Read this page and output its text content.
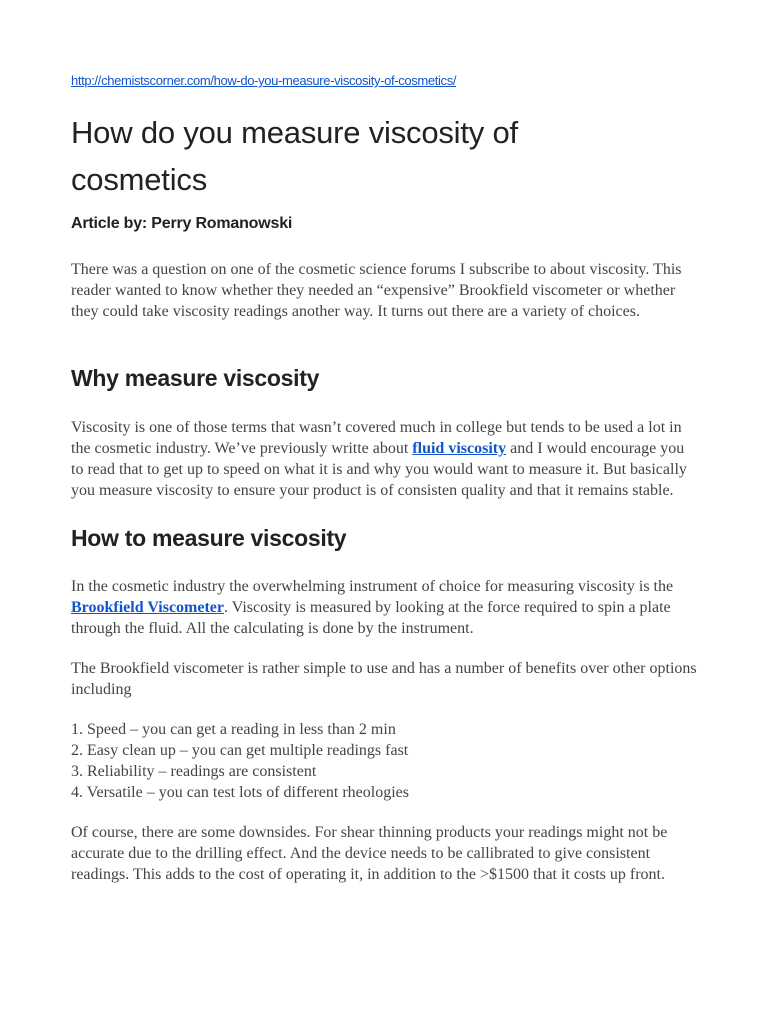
http://chemistscorner.com/how-do-you-measure-viscosity-of-cosmetics/
How do you measure viscosity of cosmetics

Article by: Perry Romanowski

There was a question on one of the cosmetic science forums I subscribe to about viscosity. This reader wanted to know whether they needed an “expensive” Brookfield viscometer or whether they could take viscosity readings another way. It turns out there are a variety of choices.

Why measure viscosity

Viscosity is one of those terms that wasn’t covered much in college but tends to be used a lot in the cosmetic industry. We’ve previously writte about fluid viscosity and I would encourage you to read that to get up to speed on what it is and why you would want to measure it. But basically you measure viscosity to ensure your product is of consisten quality and that it remains stable.

How to measure viscosity

In the cosmetic industry the overwhelming instrument of choice for measuring viscosity is the Brookfield Viscometer. Viscosity is measured by looking at the force required to spin a plate through the fluid. All the calculating is done by the instrument.

The Brookfield viscometer is rather simple to use and has a number of benefits over other options including

1. Speed – you can get a reading in less than 2 min
2. Easy clean up – you can get multiple readings fast
3. Reliability – readings are consistent
4. Versatile – you can test lots of different rheologies

Of course, there are some downsides. For shear thinning products your readings might not be accurate due to the drilling effect. And the device needs to be callibrated to give consistent readings. This adds to the cost of operating it, in addition to the >$1500 that it costs up front.
